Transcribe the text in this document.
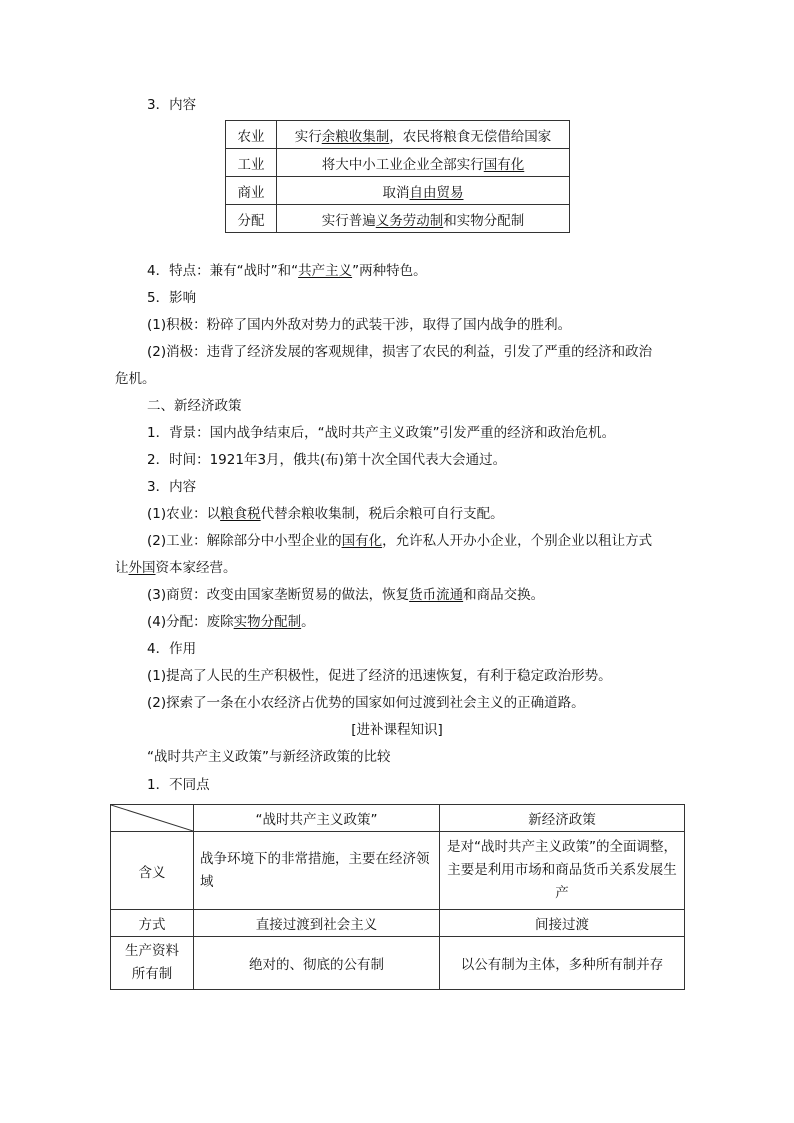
3．内容
农业	实行余粮收集制，农民将粮食无偿借给国家
工业	将大中小工业企业全部实行国有化
商业	取消自由贸易
分配	实行普遍义务劳动制和实物分配制
4．特点：兼有“战时”和“共产主义”两种特色。
5．影响
(1)积极：粉碎了国内外敌对势力的武装干涉，取得了国内战争的胜利。
(2)消极：违背了经济发展的客观规律，损害了农民的利益，引发了严重的经济和政治
危机。
二、新经济政策
1．背景：国内战争结束后，“战时共产主义政策”引发严重的经济和政治危机。
2．时间：1921年3月，俄共(布)第十次全国代表大会通过。
3．内容
(1)农业：以粮食税代替余粮收集制，税后余粮可自行支配。
(2)工业：解除部分中小型企业的国有化，允许私人开办小企业，个别企业以租让方式
让外国资本家经营。
(3)商贸：改变由国家垄断贸易的做法，恢复货币流通和商品交换。
(4)分配：废除实物分配制。
4．作用
(1)提高了人民的生产积极性，促进了经济的迅速恢复，有利于稳定政治形势。
(2)探索了一条在小农经济占优势的国家如何过渡到社会主义的正确道路。
[进补课程知识]
“战时共产主义政策”与新经济政策的比较
1．不同点
	“战时共产主义政策”	新经济政策
含义	战争环境下的非常措施，主要在经济领域	是对“战时共产主义政策”的全面调整，主要是利用市场和商品货币关系发展生产

方式	直接过渡到社会主义	间接过渡

生产资料所有制	绝对的、彻底的公有制	以公有制为主体，多种所有制并存
